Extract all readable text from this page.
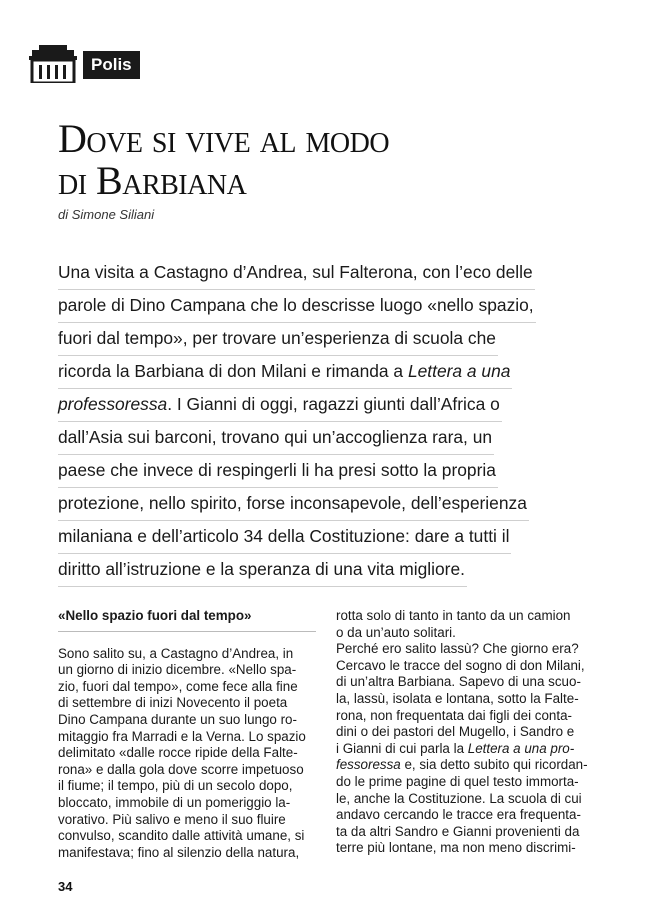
Polis
Dove si vive al modo
di Barbiana
di Simone Siliani
Una visita a Castagno d’Andrea, sul Falterona, con l’eco delle
parole di Dino Campana che lo descrisse luogo «nello spazio,
fuori dal tempo», per trovare un’esperienza di scuola che
ricorda la Barbiana di don Milani e rimanda a Lettera a una
professoressa. I Gianni di oggi, ragazzi giunti dall’Africa o
dall’Asia sui barconi, trovano qui un’accoglienza rara, un
paese che invece di respingerli li ha presi sotto la propria
protezione, nello spirito, forse inconsapevole, dell’esperienza
milaniana e dell’articolo 34 della Costituzione: dare a tutti il
diritto all’istruzione e la speranza di una vita migliore.
«Nello spazio fuori dal tempo»
Sono salito su, a Castagno d’Andrea, in
un giorno di inizio dicembre. «Nello spa-
zio, fuori dal tempo», come fece alla fine
di settembre di inizi Novecento il poeta
Dino Campana durante un suo lungo ro-
mitaggio fra Marradi e la Verna. Lo spazio
delimitato «dalle rocce ripide della Falte-
rona» e dalla gola dove scorre impetuoso
il fiume; il tempo, più di un secolo dopo,
bloccato, immobile di un pomeriggio la-
vorativo. Più salivo e meno il suo fluire
convulso, scandito dalle attività umane, si
manifestava; fino al silenzio della natura,
rotta solo di tanto in tanto da un camion
o da un’auto solitari.
Perché ero salito lassù? Che giorno era?
Cercavo le tracce del sogno di don Milani,
di un’altra Barbiana. Sapevo di una scuo-
la, lassù, isolata e lontana, sotto la Falte-
rona, non frequentata dai figli dei conta-
dini o dei pastori del Mugello, i Sandro e
i Gianni di cui parla la Lettera a una pro-
fessoressa e, sia detto subito qui ricordan-
do le prime pagine di quel testo immorta-
le, anche la Costituzione. La scuola di cui
andavo cercando le tracce era frequenta-
ta da altri Sandro e Gianni provenienti da
terre più lontane, ma non meno discrimi-
34
